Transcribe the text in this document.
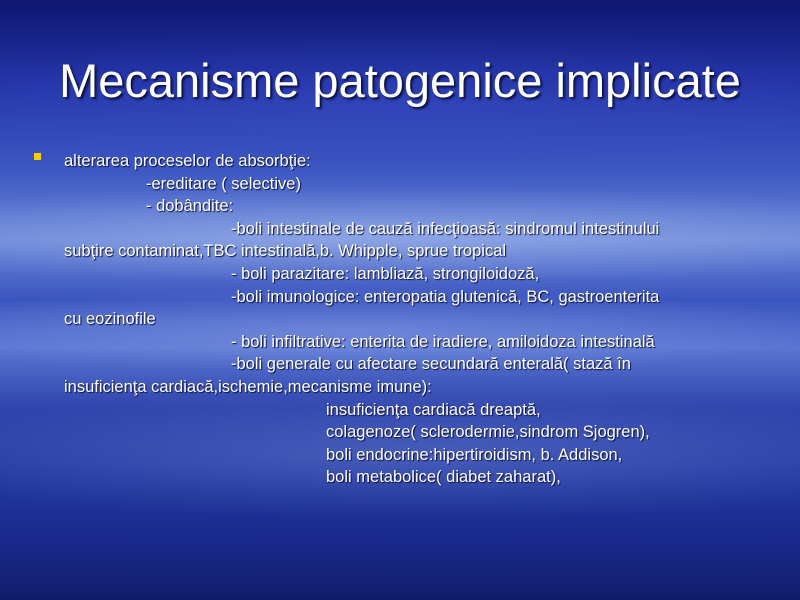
Mecanisme patogenice implicate
alterarea proceselor de absorbţie:
-ereditare ( selective)
- dobândite:
-boli intestinale de cauză infecţioasă: sindromul intestinului
subţire contaminat,TBC intestinală,b. Whipple, sprue tropical
- boli parazitare: lambliază, strongiloidoză,
-boli imunologice: enteropatia glutenică, BC, gastroenterita
cu eozinofile
- boli infiltrative: enterita de iradiere, amiloidoza intestinală
-boli generale cu afectare secundară enterală( stază în
insuficienţa cardiacă,ischemie,mecanisme imune):
insuficienţa cardiacă dreaptă,
colagenoze( sclerodermie,sindrom Sjogren),
boli endocrine:hipertiroidism, b. Addison,
boli metabolice( diabet zaharat),
